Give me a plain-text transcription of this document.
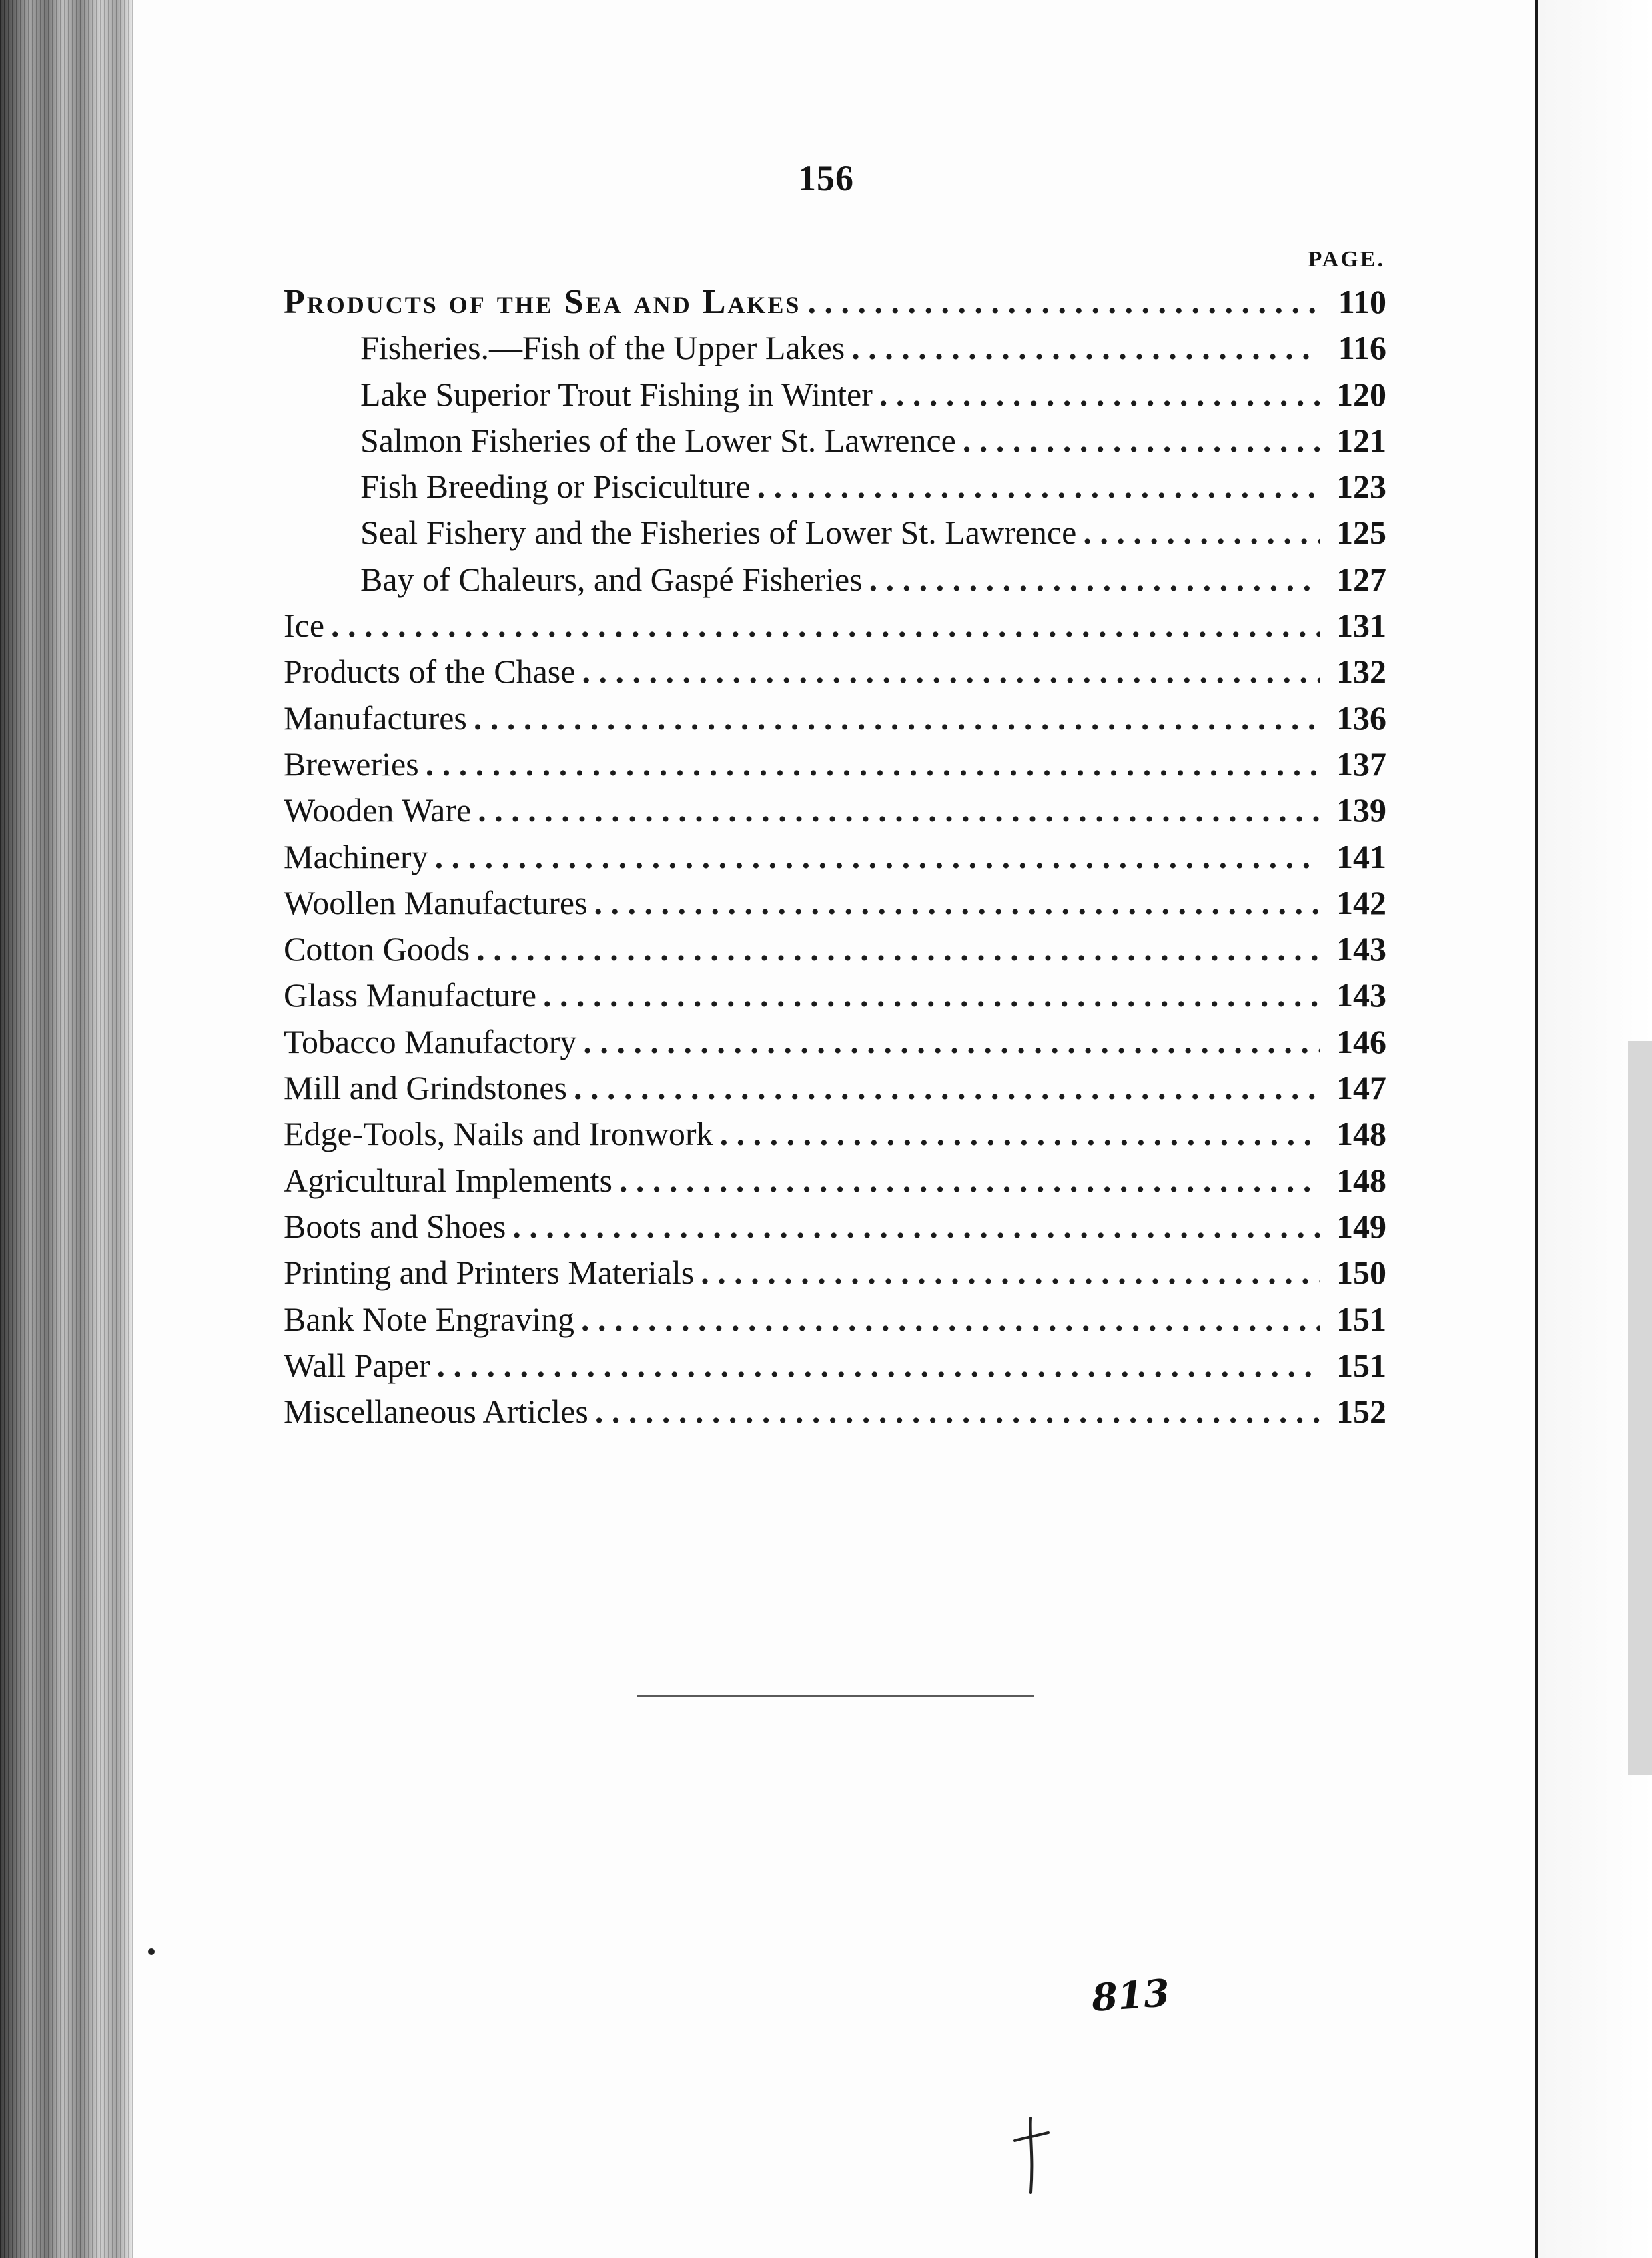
156
PAGE.
Products of the Sea and Lakes . . .	110
Fisheries.—Fish of the Upper Lakes . . .	116
Lake Superior Trout Fishing in Winter . . .	120
Salmon Fisheries of the Lower St. Lawrence . . .	121
Fish Breeding or Pisciculture . . .	123
Seal Fishery and the Fisheries of Lower St. Lawrence . . .	125
Bay of Chaleurs, and Gaspé Fisheries . . .	127
Ice . . .	131
Products of the Chase . . .	132
Manufactures . . .	136
Breweries . . .	137
Wooden Ware . . .	139
Machinery . . .	141
Woollen Manufactures . . .	142
Cotton Goods . . .	143
Glass Manufacture . . .	143
Tobacco Manufactory . . .	146
Mill and Grindstones . . .	147
Edge-Tools, Nails and Ironwork . . .	148
Agricultural Implements . . .	148
Boots and Shoes . . .	149
Printing and Printers Materials . . .	150
Bank Note Engraving . . .	151
Wall Paper . . .	151
Miscellaneous Articles . . .	152
813
